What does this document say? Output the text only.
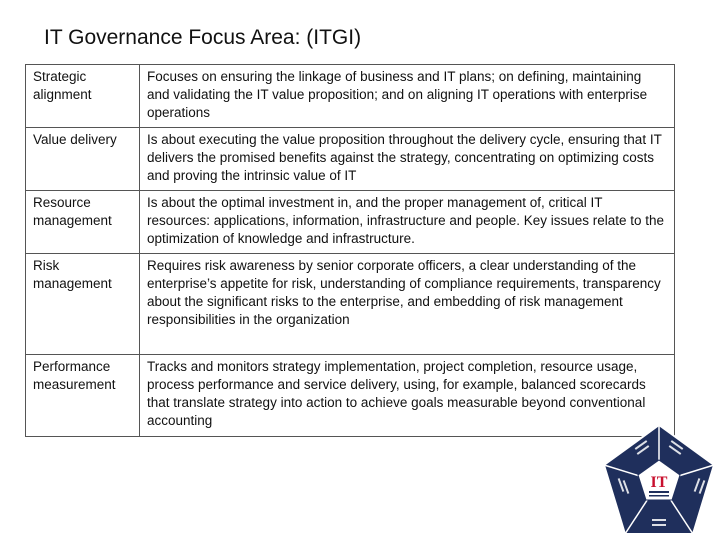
IT Governance Focus Area: (ITGI)
Strategic alignment	Focuses on ensuring the linkage of business and IT plans; on defining, maintaining and validating the IT value proposition; and on aligning IT operations with enterprise operations

Value delivery	Is about executing the value proposition throughout the delivery cycle, ensuring that IT delivers the promised benefits against the strategy, concentrating on optimizing costs and proving the intrinsic value of IT

Resource management	Is about the optimal investment in, and the proper management of, critical IT resources: applications, information, infrastructure and people. Key issues relate to the optimization of knowledge and infrastructure.

Risk management	Requires risk awareness by senior corporate officers, a clear understanding of the enterprise’s appetite for risk, understanding of compliance requirements, transparency about the significant risks to the enterprise, and embedding of risk management responsibilities in the organization

Performance measurement	Tracks and monitors strategy implementation, project completion, resource usage, process performance and service delivery, using, for example, balanced scorecards that translate strategy into action to achieve goals measurable beyond conventional accounting
IT
